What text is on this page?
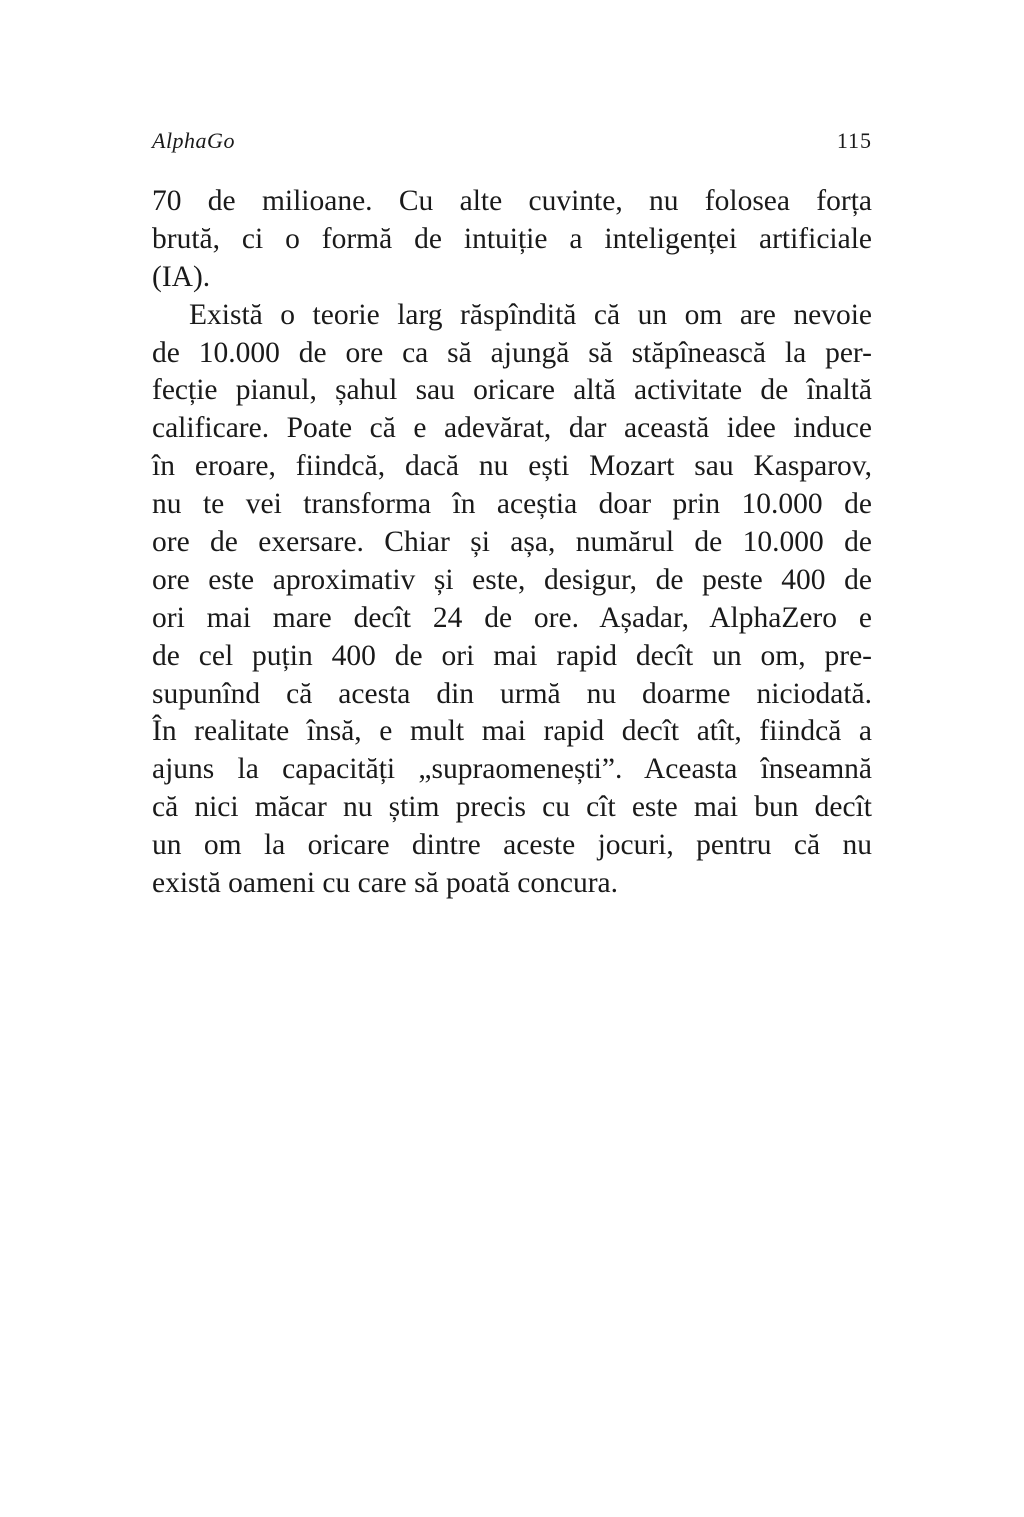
AlphaGo	115

70 de milioane. Cu alte cuvinte, nu folosea forța
brută, ci o formă de intuiție a inteligenței artificiale
(IA).

Există o teorie larg răspîndită că un om are nevoie
de 10.000 de ore ca să ajungă să stăpînească la per-
fecție pianul, șahul sau oricare altă activitate de înaltă
calificare. Poate că e adevărat, dar această idee induce
în eroare, fiindcă, dacă nu ești Mozart sau Kasparov,
nu te vei transforma în aceștia doar prin 10.000 de
ore de exersare. Chiar și așa, numărul de 10.000 de
ore este aproximativ și este, desigur, de peste 400 de
ori mai mare decît 24 de ore. Așadar, AlphaZero e
de cel puțin 400 de ori mai rapid decît un om, pre-
supunînd că acesta din urmă nu doarme niciodată.
În realitate însă, e mult mai rapid decît atît, fiindcă a
ajuns la capacități „supraomenești”. Aceasta înseamnă
că nici măcar nu știm precis cu cît este mai bun decît
un om la oricare dintre aceste jocuri, pentru că nu
există oameni cu care să poată concura.
